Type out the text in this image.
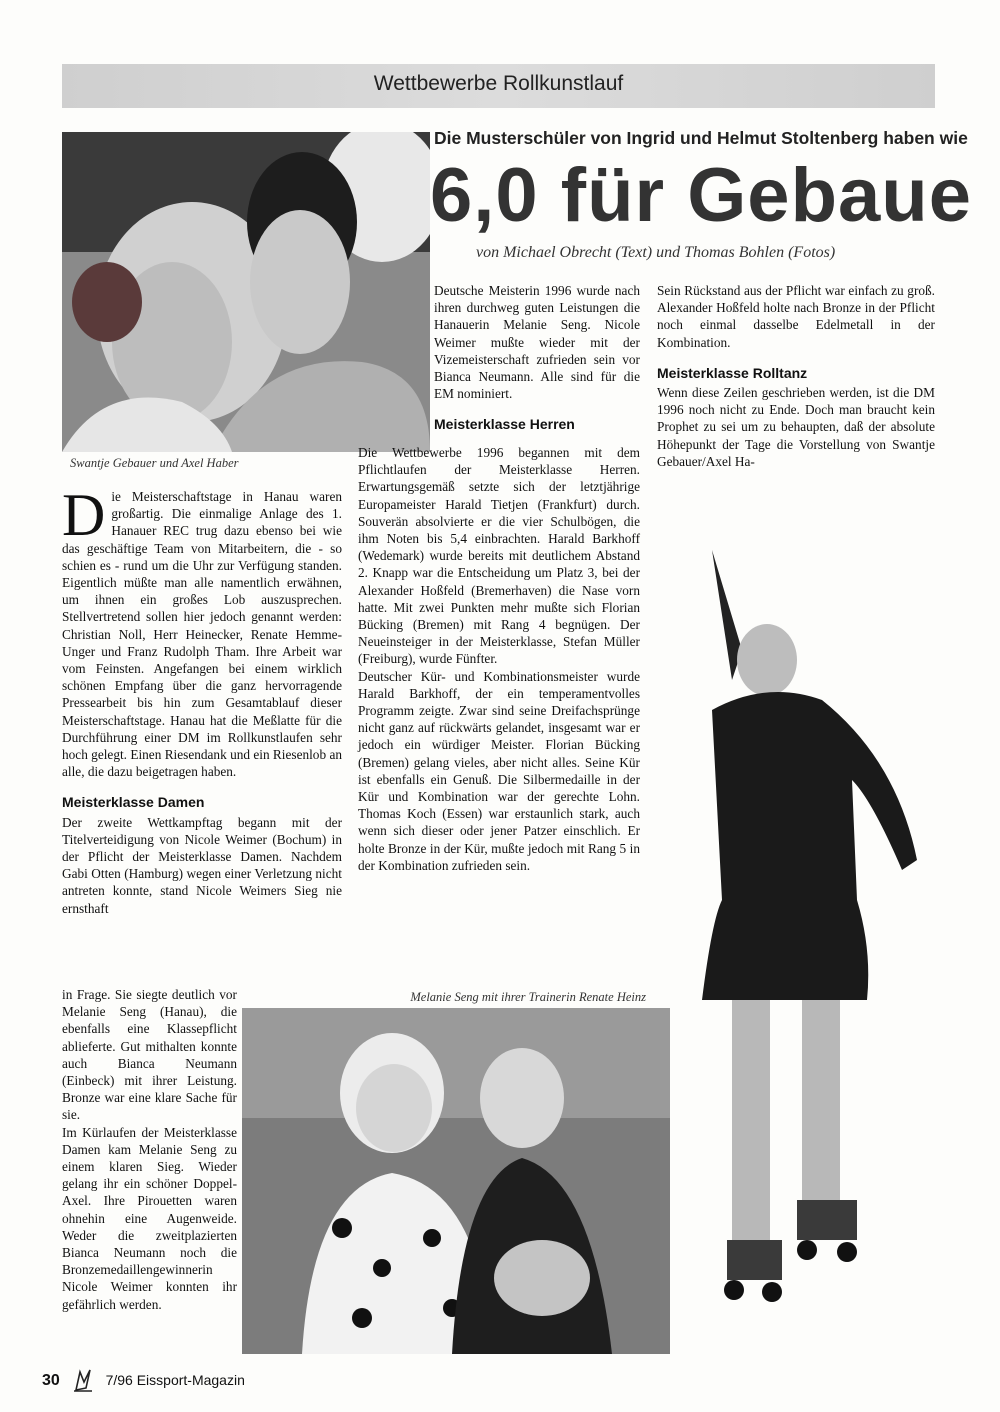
Wettbewerbe Rollkunstlauf
Swantje Gebauer und Axel Haber
Die Musterschüler von Ingrid und Helmut Stoltenberg haben wie
6,0 für Gebaue
von Michael Obrecht (Text) und Thomas Bohlen (Fotos)

Die Meisterschaftstage in Hanau waren großartig. Die einmalige Anlage des 1. Hanauer REC trug dazu ebenso bei wie das geschäftige Team von Mitarbeitern, die - so schien es - rund um die Uhr zur Verfügung standen. Eigentlich müßte man alle namentlich erwähnen, um ihnen ein großes Lob auszusprechen. Stellvertretend sollen hier jedoch genannt werden: Christian Noll, Herr Heinecker, Renate Hemme-Unger und Franz Rudolph Tham. Ihre Arbeit war vom Feinsten. Angefangen bei einem wirklich schönen Empfang über die ganz hervorragende Pressearbeit bis hin zum Gesamtablauf dieser Meisterschaftstage. Hanau hat die Meßlatte für die Durchführung einer DM im Rollkunstlaufen sehr hoch gelegt. Einen Riesendank und ein Riesenlob an alle, die dazu beigetragen haben.

Meisterklasse Damen

Der zweite Wettkampftag begann mit der Titelverteidigung von Nicole Weimer (Bochum) in der Pflicht der Meisterklasse Damen. Nachdem Gabi Otten (Hamburg) wegen einer Verletzung nicht antreten konnte, stand Nicole Weimers Sieg nie ernsthaft

in Frage. Sie siegte deutlich vor Melanie Seng (Hanau), die ebenfalls eine Klassepflicht ablieferte. Gut mithalten konnte auch Bianca Neumann (Einbeck) mit ihrer Leistung. Bronze war eine klare Sache für sie.

Im Kürlaufen der Meisterklasse Damen kam Melanie Seng zu einem klaren Sieg. Wieder gelang ihr ein schöner Doppel-Axel. Ihre Pirouetten waren ohnehin eine Augenweide. Weder die zweitplazierten Bianca Neumann noch die Bronzemedaillengewinnerin Nicole Weimer konnten ihr gefährlich werden.

Deutsche Meisterin 1996 wurde nach ihren durchweg guten Leistungen die Hanauerin Melanie Seng. Nicole Weimer mußte wieder mit der Vizemeisterschaft zufrieden sein vor Bianca Neumann. Alle sind für die EM nominiert.

Meisterklasse Herren

Die Wettbewerbe 1996 begannen mit dem Pflichtlaufen der Meisterklasse Herren. Erwartungsgemäß setzte sich der letztjährige Europameister Harald Tietjen (Frankfurt) durch. Souverän absolvierte er die vier Schulbögen, die ihm Noten bis 5,4 einbrachten. Harald Barkhoff (Wedemark) wurde bereits mit deutlichem Abstand 2. Knapp war die Entscheidung um Platz 3, bei der Alexander Hoßfeld (Bremerhaven) die Nase vorn hatte. Mit zwei Punkten mehr mußte sich Florian Bücking (Bremen) mit Rang 4 begnügen. Der Neueinsteiger in der Meisterklasse, Stefan Müller (Freiburg), wurde Fünfter.

Deutscher Kür- und Kombinationsmeister wurde Harald Barkhoff, der ein temperamentvolles Programm zeigte. Zwar sind seine Dreifachsprünge nicht ganz auf rückwärts gelandet, insgesamt war er jedoch ein würdiger Meister. Florian Bücking (Bremen) gelang vieles, aber nicht alles. Seine Kür ist ebenfalls ein Genuß. Die Silbermedaille in der Kür und Kombination war der gerechte Lohn. Thomas Koch (Essen) war erstaunlich stark, auch wenn sich dieser oder jener Patzer einschlich. Er holte Bronze in der Kür, mußte jedoch mit Rang 5 in der Kombination zufrieden sein.

Sein Rückstand aus der Pflicht war einfach zu groß. Alexander Hoßfeld holte nach Bronze in der Pflicht noch einmal dasselbe Edelmetall in der Kombination.

Meisterklasse Rolltanz

Wenn diese Zeilen geschrieben werden, ist die DM 1996 noch nicht zu Ende. Doch man braucht kein Prophet zu sei um zu behaupten, daß der absolute Höhepunkt der Tage die Vorstellung von Swantje Gebauer/Axel Ha-

Melanie Seng mit ihrer Trainerin Renate Heinz
30	7/96 Eissport-Magazin
